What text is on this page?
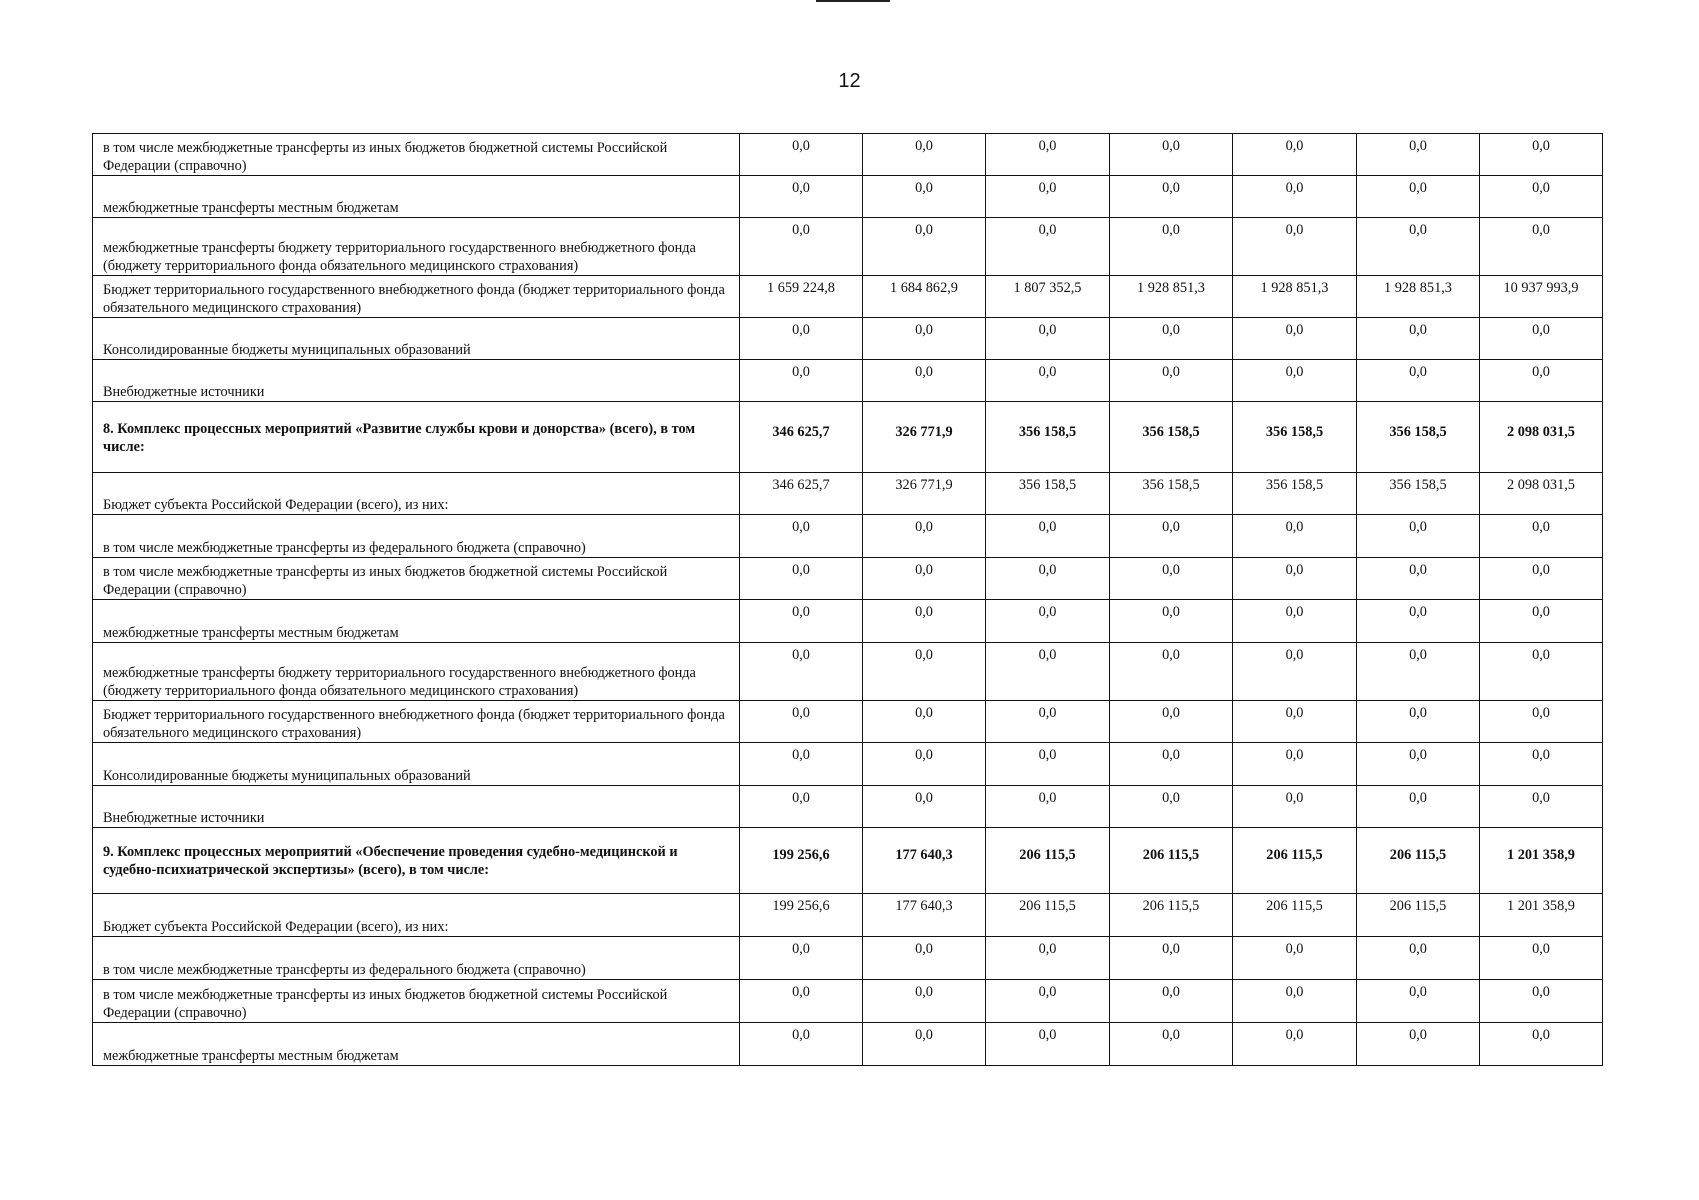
12
в том числе межбюджетные трансферты из иных бюджетов бюджетной системы Российской Федерации (справочно)	0,0	0,0	0,0	0,0	0,0	0,0	0,0
межбюджетные трансферты местным бюджетам	0,0	0,0	0,0	0,0	0,0	0,0	0,0
межбюджетные трансферты бюджету территориального государственного внебюджетного фонда (бюджету территориального фонда обязательного медицинского страхования)	0,0	0,0	0,0	0,0	0,0	0,0	0,0
Бюджет территориального государственного внебюджетного фонда (бюджет территориального фонда обязательного медицинского страхования)	1 659 224,8	1 684 862,9	1 807 352,5	1 928 851,3	1 928 851,3	1 928 851,3	10 937 993,9
Консолидированные бюджеты муниципальных образований	0,0	0,0	0,0	0,0	0,0	0,0	0,0
Внебюджетные источники	0,0	0,0	0,0	0,0	0,0	0,0	0,0
8. Комплекс процессных мероприятий «Развитие службы крови и донорства» (всего), в том числе:	346 625,7	326 771,9	356 158,5	356 158,5	356 158,5	356 158,5	2 098 031,5
Бюджет субъекта Российской Федерации (всего), из них:	346 625,7	326 771,9	356 158,5	356 158,5	356 158,5	356 158,5	2 098 031,5
в том числе межбюджетные трансферты из федерального бюджета (справочно)	0,0	0,0	0,0	0,0	0,0	0,0	0,0
в том числе межбюджетные трансферты из иных бюджетов бюджетной системы Российской Федерации (справочно)	0,0	0,0	0,0	0,0	0,0	0,0	0,0
межбюджетные трансферты местным бюджетам	0,0	0,0	0,0	0,0	0,0	0,0	0,0
межбюджетные трансферты бюджету территориального государственного внебюджетного фонда (бюджету территориального фонда обязательного медицинского страхования)	0,0	0,0	0,0	0,0	0,0	0,0	0,0
Бюджет территориального государственного внебюджетного фонда (бюджет территориального фонда обязательного медицинского страхования)	0,0	0,0	0,0	0,0	0,0	0,0	0,0
Консолидированные бюджеты муниципальных образований	0,0	0,0	0,0	0,0	0,0	0,0	0,0
Внебюджетные источники	0,0	0,0	0,0	0,0	0,0	0,0	0,0
9. Комплекс процессных мероприятий «Обеспечение проведения судебно-медицинской и судебно-психиатрической экспертизы» (всего), в том числе:	199 256,6	177 640,3	206 115,5	206 115,5	206 115,5	206 115,5	1 201 358,9
Бюджет субъекта Российской Федерации (всего), из них:	199 256,6	177 640,3	206 115,5	206 115,5	206 115,5	206 115,5	1 201 358,9
в том числе межбюджетные трансферты из федерального бюджета (справочно)	0,0	0,0	0,0	0,0	0,0	0,0	0,0
в том числе межбюджетные трансферты из иных бюджетов бюджетной системы Российской Федерации (справочно)	0,0	0,0	0,0	0,0	0,0	0,0	0,0
межбюджетные трансферты местным бюджетам	0,0	0,0	0,0	0,0	0,0	0,0	0,0
